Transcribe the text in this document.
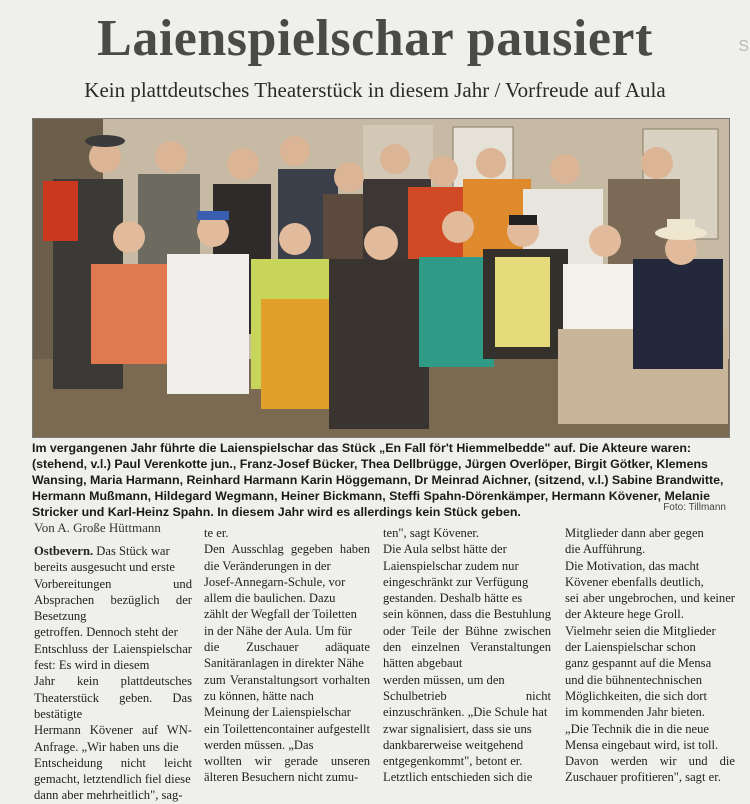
S
Laienspielschar pausiert
Kein plattdeutsches Theaterstück in diesem Jahr / Vorfreude auf Aula

Im vergangenen Jahr führte die Laienspielschar das Stück „En Fall för't Hiemmelbedde" auf. Die Akteure waren: (stehend, v.l.) Paul Verenkotte jun., Franz-Josef Bücker, Thea Dellbrügge, Jürgen Overlöper, Birgit Götker, Klemens Wansing, Maria Harmann, Reinhard Harmann Karin Höggemann, Dr Meinrad Aichner, (sitzend, v.l.) Sabine Brandwitte, Hermann Mußmann, Hildegard Wegmann, Heiner Bickmann, Steffi Spahn-Dörenkämper, Hermann Kövener, Melanie Stricker und Karl-Heinz Spahn. In diesem Jahr wird es allerdings kein Stück geben.	Foto: Tillmann
Von A. Große Hüttmann
Ostbevern. Das Stück war
bereits ausgesucht und erste
Vorbereitungen und Absprachen bezüglich der Besetzung
getroffen. Dennoch steht der
Entschluss der Laienspielschar fest: Es wird in diesem
Jahr kein plattdeutsches Theaterstück geben. Das bestätigte
Hermann Kövener auf WN-Anfrage. „Wir haben uns die
Entscheidung nicht leicht gemacht, letztendlich fiel diese
dann aber mehrheitlich", sag-
te er.
Den Ausschlag gegeben haben die Veränderungen in der
Josef-Annegarn-Schule, vor
allem die baulichen. Dazu
zählt der Wegfall der Toiletten
in der Nähe der Aula. Um für
die Zuschauer adäquate Sanitäranlagen in direkter Nähe
zum Veranstaltungsort vorhalten zu können, hätte nach
Meinung der Laienspielschar
ein Toilettencontainer aufgestellt werden müssen. „Das
wollten wir gerade unseren älteren Besuchern nicht zumu-
ten", sagt Kövener.
Die Aula selbst hätte der
Laienspielschar zudem nur
eingeschränkt zur Verfügung
gestanden. Deshalb hätte es
sein können, dass die Bestuhlung oder Teile der Bühne zwischen den einzelnen Veranstaltungen hätten abgebaut
werden müssen, um den
Schulbetrieb nicht einzuschränken. „Die Schule hat
zwar signalisiert, dass sie uns
dankbarerweise weitgehend
entgegenkommt", betont er.
Letztlich entschieden sich die
Mitglieder dann aber gegen
die Aufführung.
Die Motivation, das macht
Kövener ebenfalls deutlich,
sei aber ungebrochen, und keiner der Akteure hege Groll.
Vielmehr seien die Mitglieder
der Laienspielschar schon
ganz gespannt auf die Mensa
und die bühnentechnischen
Möglichkeiten, die sich dort
im kommenden Jahr bieten.
„Die Technik die in die neue
Mensa eingebaut wird, ist toll.
Davon werden wir und die Zuschauer profitieren", sagt er.
